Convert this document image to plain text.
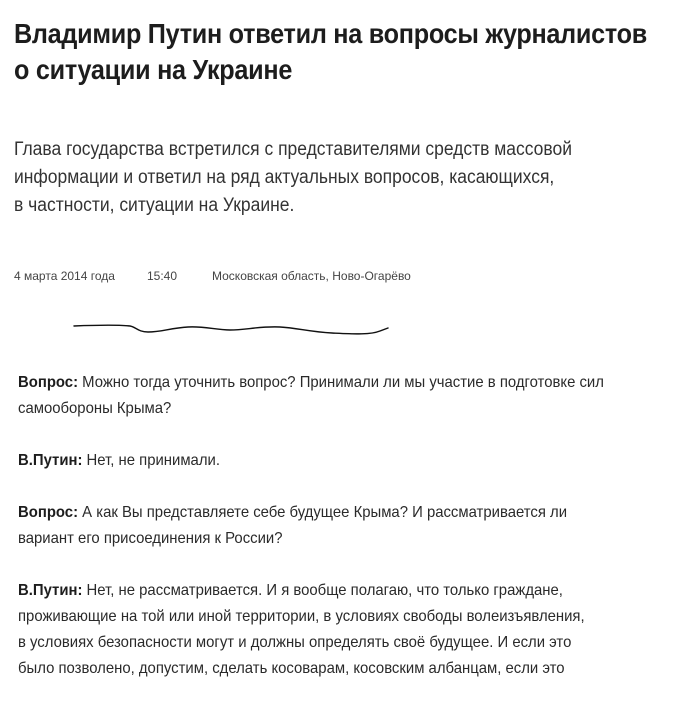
Владимир Путин ответил на вопросы журналистов
о ситуации на Украине

Глава государства встретился с представителями средств массовой
информации и ответил на ряд актуальных вопросов, касающихся,
в частности, ситуации на Украине.

4 марта 2014 года	15:40	Московская область, Ново-Огарёво

Вопрос: Можно тогда уточнить вопрос? Принимали ли мы участие в подготовке сил
самообороны Крыма?

В.Путин: Нет, не принимали.

Вопрос: А как Вы представляете себе будущее Крыма? И рассматривается ли
вариант его присоединения к России?

В.Путин: Нет, не рассматривается. И я вообще полагаю, что только граждане,
проживающие на той или иной территории, в условиях свободы волеизъявления,
в условиях безопасности могут и должны определять своё будущее. И если это
было позволено, допустим, сделать косоварам, косовским албанцам, если это
